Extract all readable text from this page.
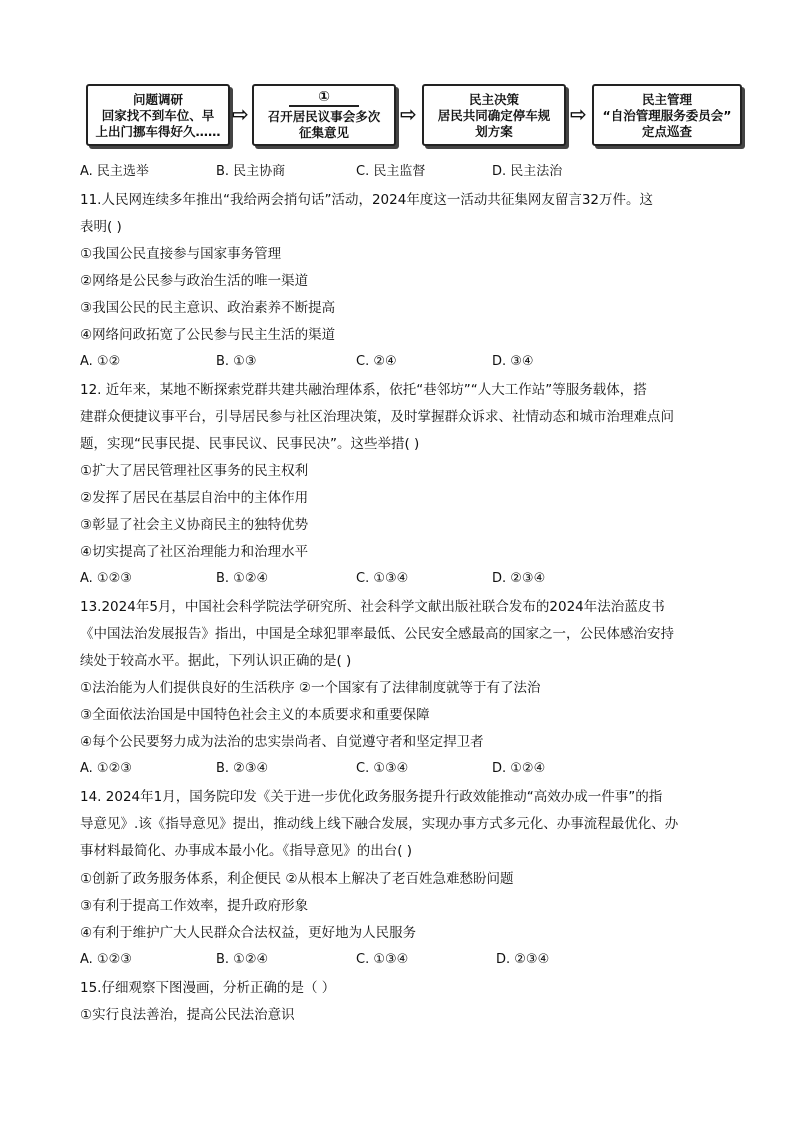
问题调研
回家找不到车位、早
上出门挪车得好久……
⇨
①
召开居民议事会多次
征集意见
⇨
民主决策
居民共同确定停车规
划方案
⇨
民主管理
“自治管理服务委员会”
定点巡查
A. 民主选举	B. 民主协商	C. 民主监督	D. 民主法治
11.人民网连续多年推出“我给两会捎句话”活动，2024年度这一活动共征集网友留言32万件。这
表明( )
①我国公民直接参与国家事务管理
②网络是公民参与政治生活的唯一渠道
③我国公民的民主意识、政治素养不断提高
④网络问政拓宽了公民参与民主生活的渠道
A. ①②	B. ①③	C. ②④	D. ③④
12. 近年来，某地不断探索党群共建共融治理体系，依托“巷邻坊”“人大工作站”等服务载体，搭
建群众便捷议事平台，引导居民参与社区治理决策，及时掌握群众诉求、社情动态和城市治理难点问
题，实现“民事民提、民事民议、民事民决”。这些举措( )
①扩大了居民管理社区事务的民主权利
②发挥了居民在基层自治中的主体作用
③彰显了社会主义协商民主的独特优势
④切实提高了社区治理能力和治理水平
A. ①②③	B. ①②④	C. ①③④	D. ②③④
13.2024年5月，中国社会科学院法学研究所、社会科学文献出版社联合发布的2024年法治蓝皮书
《中国法治发展报告》指出，中国是全球犯罪率最低、公民安全感最高的国家之一，公民体感治安持
续处于较高水平。据此，下列认识正确的是( )
①法治能为人们提供良好的生活秩序 ②一个国家有了法律制度就等于有了法治
③全面依法治国是中国特色社会主义的本质要求和重要保障
④每个公民要努力成为法治的忠实崇尚者、自觉遵守者和坚定捍卫者
A. ①②③	B. ②③④	C. ①③④	D. ①②④
14. 2024年1月，国务院印发《关于进一步优化政务服务提升行政效能推动“高效办成一件事”的指
导意见》.该《指导意见》提出，推动线上线下融合发展，实现办事方式多元化、办事流程最优化、办
事材料最简化、办事成本最小化。《指导意见》的出台( )
①创新了政务服务体系，利企便民 ②从根本上解决了老百姓急难愁盼问题
③有利于提高工作效率，提升政府形象
④有利于维护广大人民群众合法权益，更好地为人民服务
A. ①②③	B. ①②④	C. ①③④	D. ②③④
15.仔细观察下图漫画，分析正确的是（ ）
①实行良法善治，提高公民法治意识
